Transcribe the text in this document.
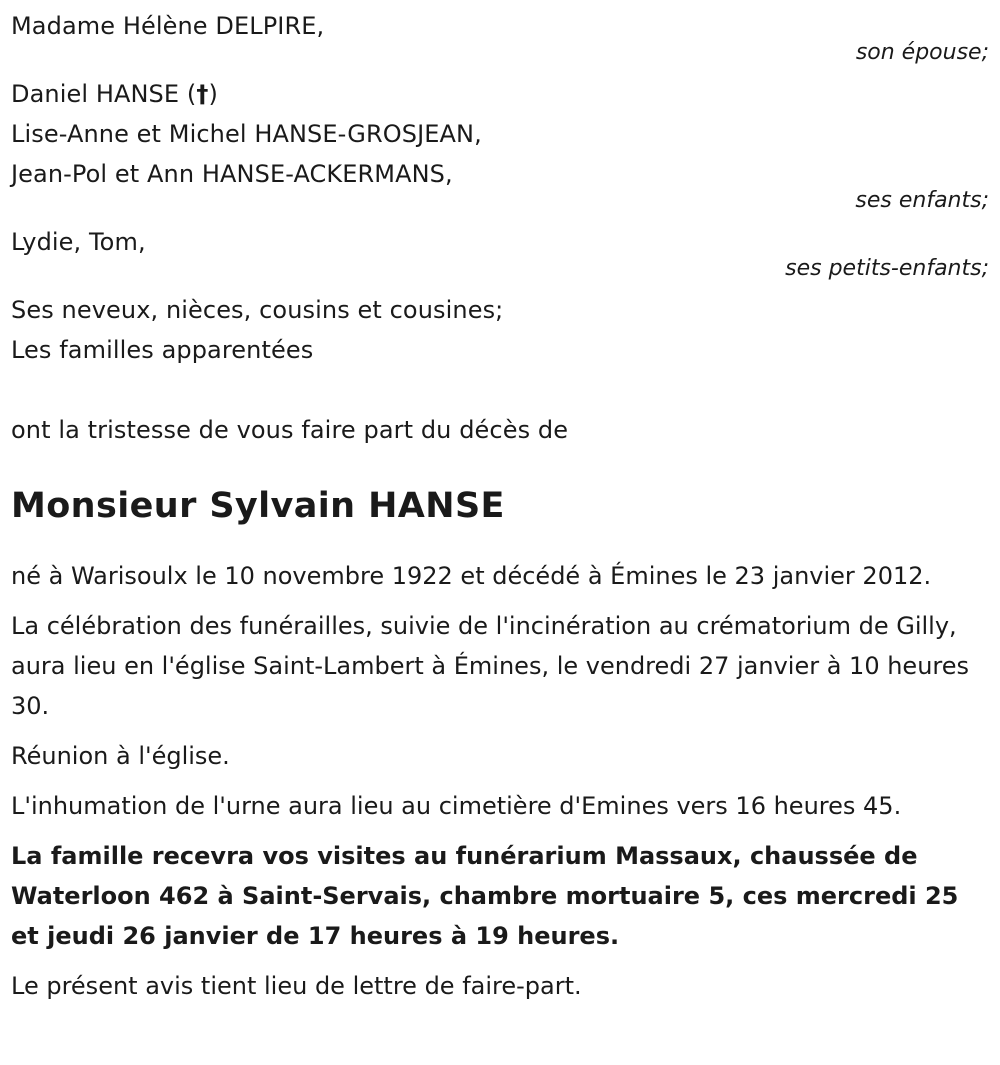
Madame Hélène DELPIRE,
son épouse;
Daniel HANSE (†)
Lise-Anne et Michel HANSE-GROSJEAN,
Jean-Pol et Ann HANSE-ACKERMANS,
ses enfants;
Lydie, Tom,
ses petits-enfants;
Ses neveux, nièces, cousins et cousines;
Les familles apparentées
ont la tristesse de vous faire part du décès de
Monsieur Sylvain HANSE
né à Warisoulx le 10 novembre 1922 et décédé à Émines le 23 janvier 2012.
La célébration des funérailles, suivie de l'incinération au crématorium de Gilly, aura lieu en l'église Saint-Lambert à Émines, le vendredi 27 janvier à 10 heures 30.
Réunion à l'église.
L'inhumation de l'urne aura lieu au cimetière d'Emines vers 16 heures 45.
La famille recevra vos visites au funérarium Massaux, chaussée de Waterloon 462 à Saint-Servais, chambre mortuaire 5, ces mercredi 25 et jeudi 26 janvier de 17 heures à 19 heures.
Le présent avis tient lieu de lettre de faire-part.
